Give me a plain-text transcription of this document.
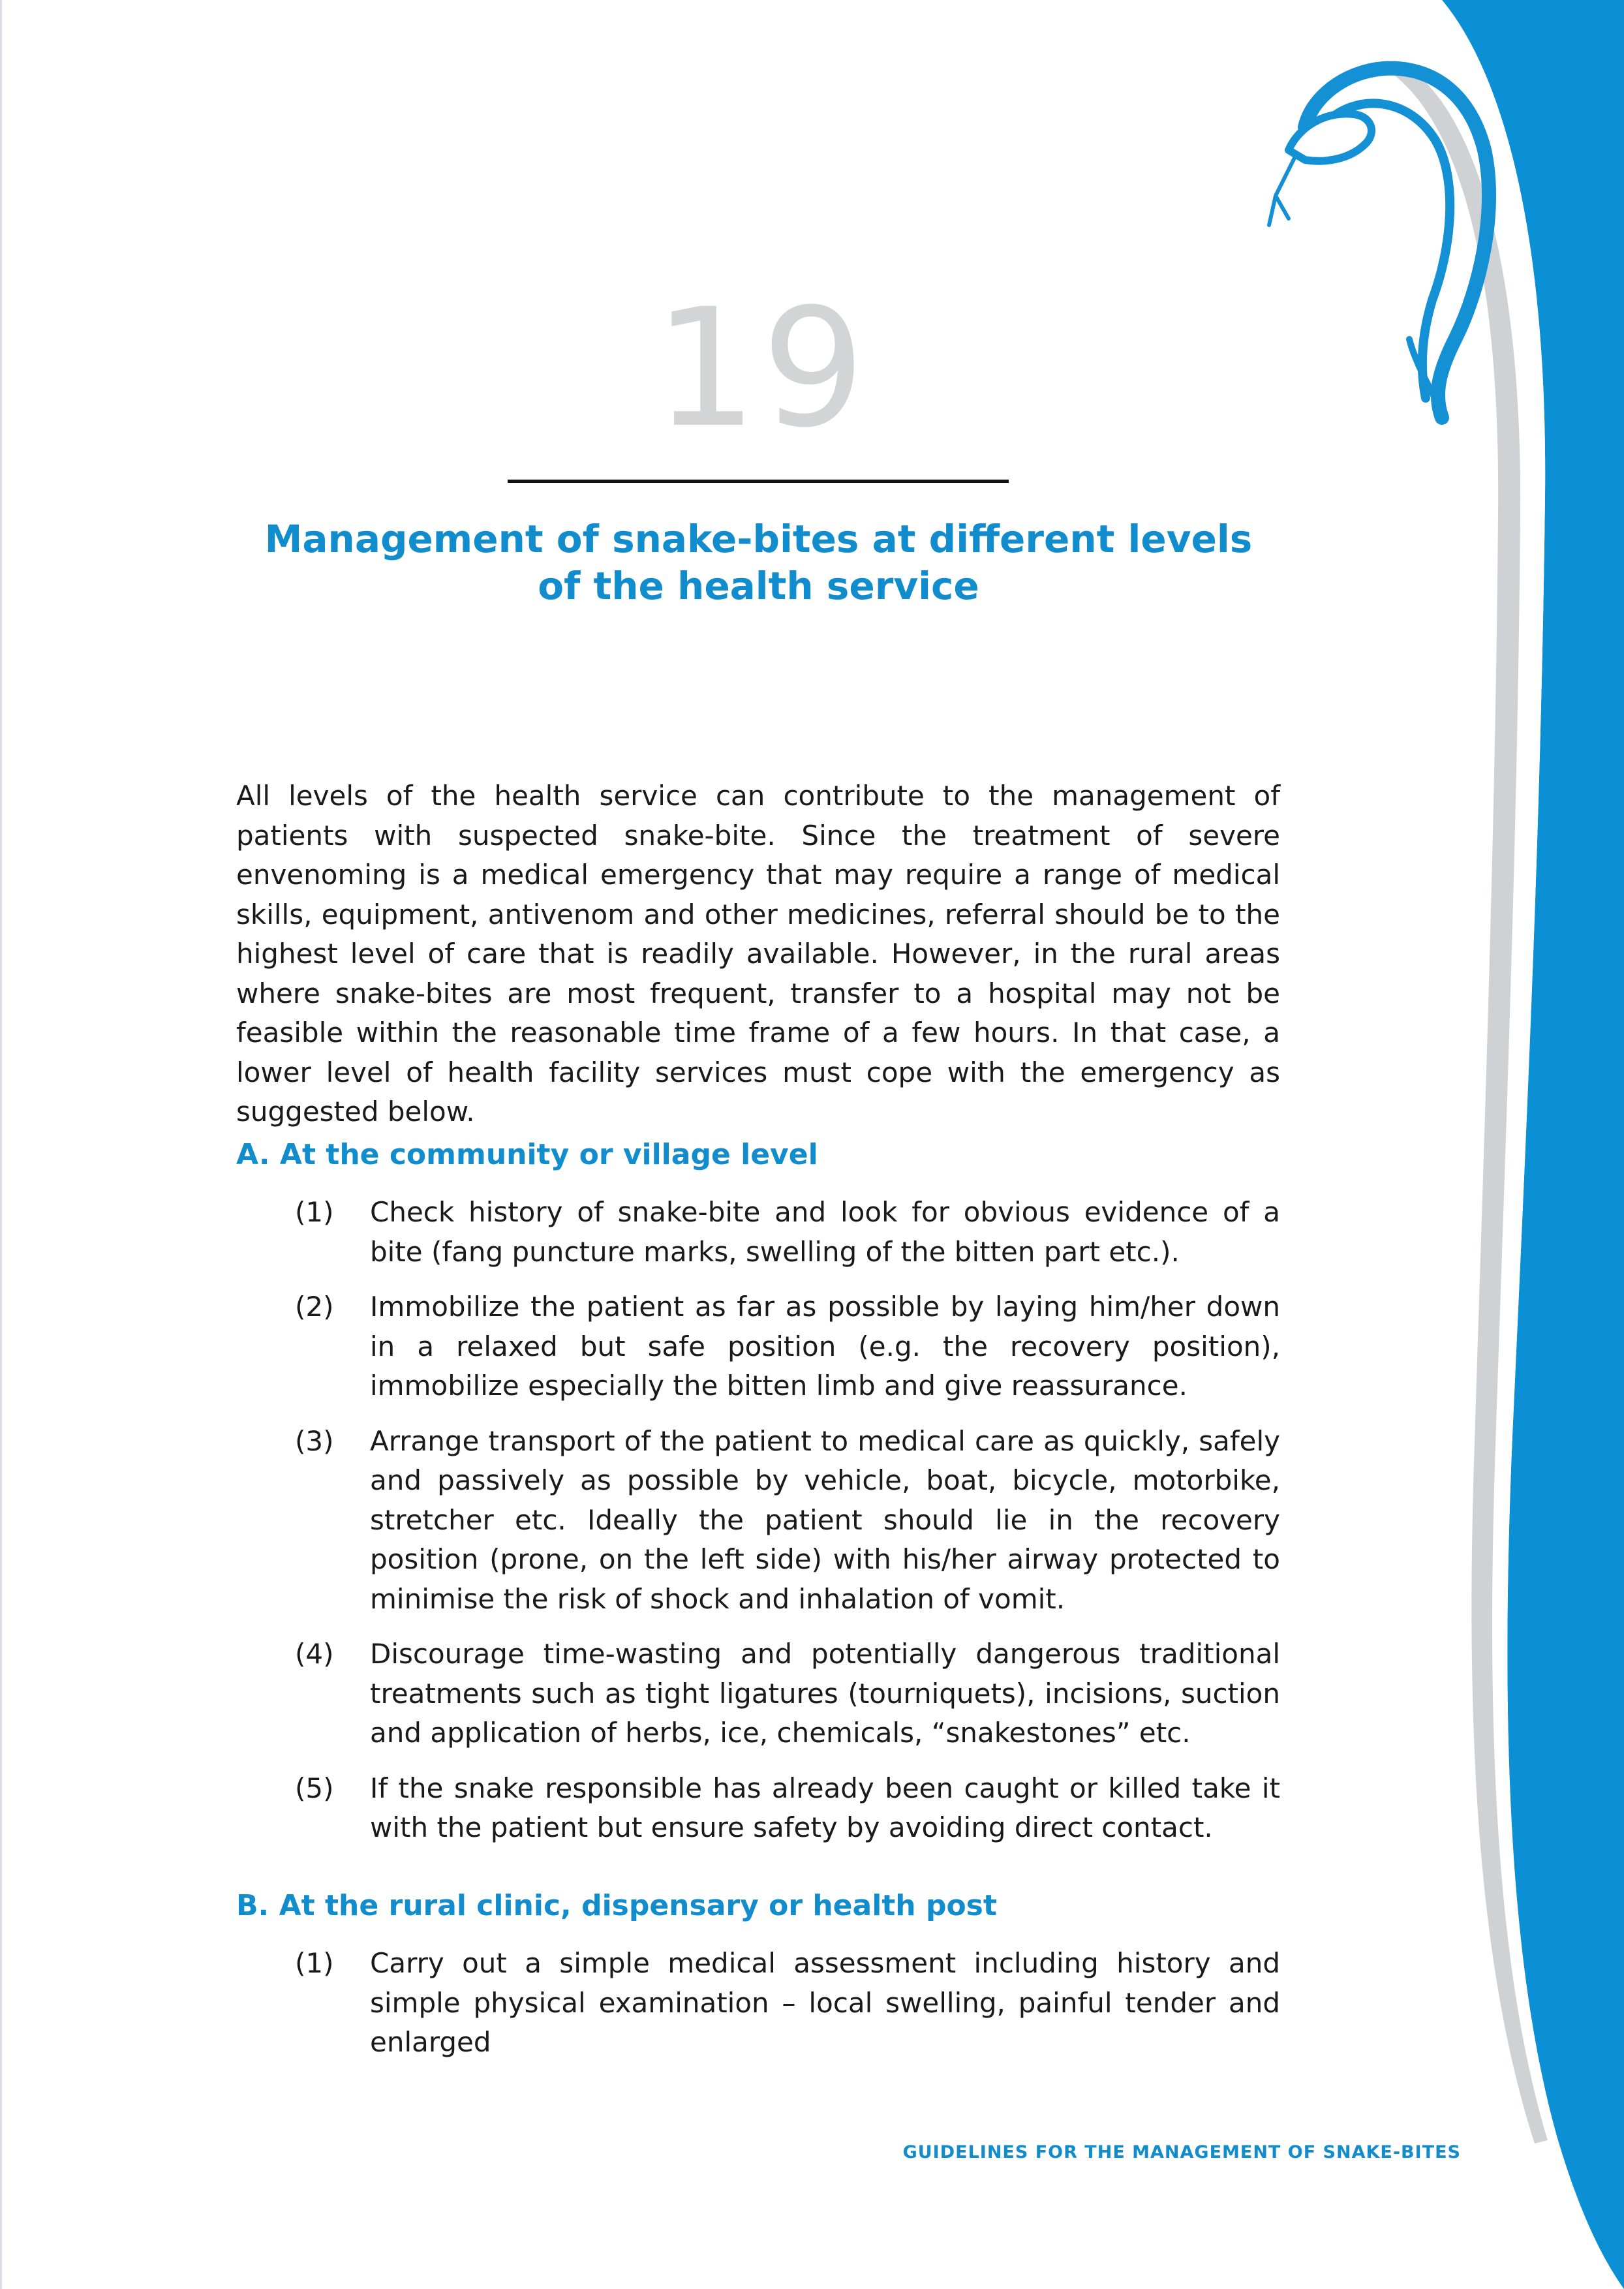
19
Management of snake-bites at different levels
of the health service

All levels of the health service can contribute to the management of patients with suspected snake-bite. Since the treatment of severe envenoming is a medical emergency that may require a range of medical skills, equipment, antivenom and other medicines, referral should be to the highest level of care that is readily available. However, in the rural areas where snake-bites are most frequent, transfer to a hospital may not be feasible within the reasonable time frame of a few hours. In that case, a lower level of health facility services must cope with the emergency as suggested below.

A. At the community or village level
(1) Check history of snake-bite and look for obvious evidence of a bite (fang puncture marks, swelling of the bitten part etc.).
(2) Immobilize the patient as far as possible by laying him/her down in a relaxed but safe position (e.g. the recovery position), immobilize especially the bitten limb and give reassurance.
(3) Arrange transport of the patient to medical care as quickly, safely and passively as possible by vehicle, boat, bicycle, motorbike, stretcher etc. Ideally the patient should lie in the recovery position (prone, on the left side) with his/her airway protected to minimise the risk of shock and inhalation of vomit.
(4) Discourage time-wasting and potentially dangerous traditional treatments such as tight ligatures (tourniquets), incisions, suction and application of herbs, ice, chemicals, “snakestones” etc.
(5) If the snake responsible has already been caught or killed take it with the patient but ensure safety by avoiding direct contact.
B. At the rural clinic, dispensary or health post
(1) Carry out a simple medical assessment including history and simple physical examination – local swelling, painful tender and enlarged
GUIDELINES FOR THE MANAGEMENT OF SNAKE-BITES
